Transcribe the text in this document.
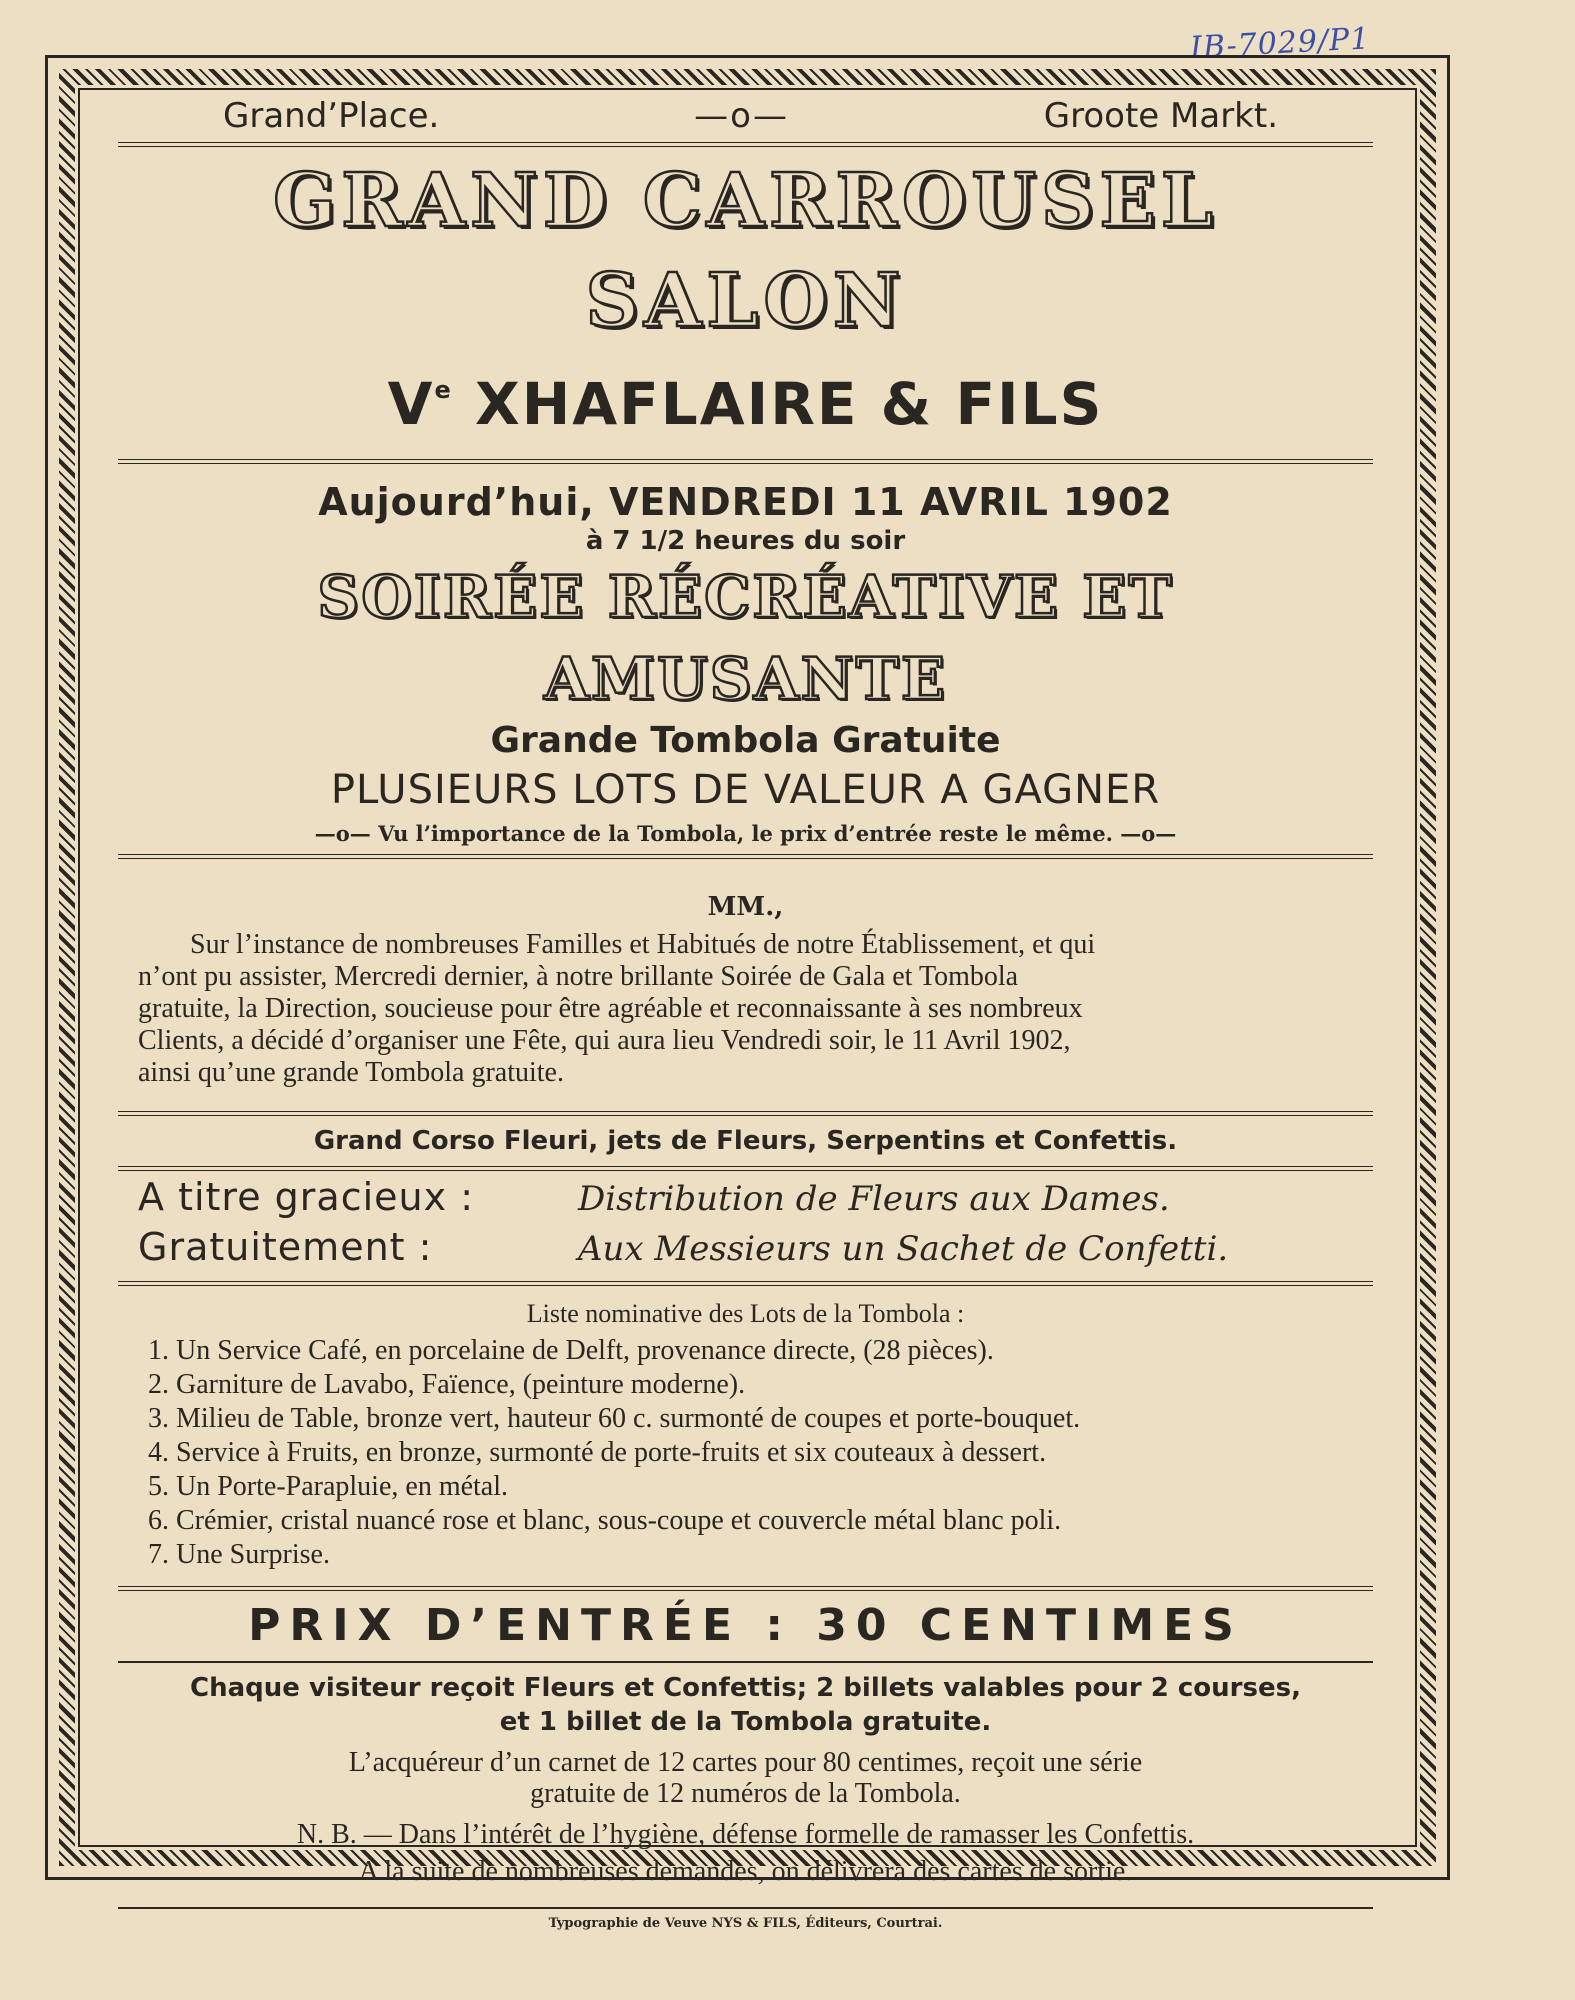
IB-7029/P1
Grand’Place.	—o—	Groote Markt.
GRAND CARROUSEL SALON
Ve XHAFLAIRE & FILS
Aujourd’hui, VENDREDI 11 AVRIL 1902
à 7 1/2 heures du soir
SOIRÉE RÉCRÉATIVE ET AMUSANTE
Grande Tombola Gratuite
PLUSIEURS LOTS DE VALEUR A GAGNER
—o— Vu l’importance de la Tombola, le prix d’entrée reste le même. —o—
MM.,
Sur l’instance de nombreuses Familles et Habitués de notre Établissement, et qui
n’ont pu assister, Mercredi dernier, à notre brillante Soirée de Gala et Tombola
gratuite, la Direction, soucieuse pour être agréable et reconnaissante à ses nombreux
Clients, a décidé d’organiser une Fête, qui aura lieu Vendredi soir, le 11 Avril 1902,
ainsi qu’une grande Tombola gratuite.
Grand Corso Fleuri, jets de Fleurs, Serpentins et Confettis.
A titre gracieux :	Distribution de Fleurs aux Dames.
Gratuitement :	Aux Messieurs un Sachet de Confetti.
Liste nominative des Lots de la Tombola :
1. Un Service Café, en porcelaine de Delft, provenance directe, (28 pièces).
2. Garniture de Lavabo, Faïence, (peinture moderne).
3. Milieu de Table, bronze vert, hauteur 60 c. surmonté de coupes et porte-bouquet.
4. Service à Fruits, en bronze, surmonté de porte-fruits et six couteaux à dessert.
5. Un Porte-Parapluie, en métal.
6. Crémier, cristal nuancé rose et blanc, sous-coupe et couvercle métal blanc poli.
7. Une Surprise.
PRIX D’ENTRÉE : 30 CENTIMES
Chaque visiteur reçoit Fleurs et Confettis; 2 billets valables pour 2 courses,
et 1 billet de la Tombola gratuite.
L’acquéreur d’un carnet de 12 cartes pour 80 centimes, reçoit une série
gratuite de 12 numéros de la Tombola.
N. B. — Dans l’intérêt de l’hygiène, défense formelle de ramasser les Confettis.
A la suite de nombreuses demandes, on délivrera des cartes de sortie.
Typographie de Veuve NYS & FILS, Éditeurs, Courtrai.
